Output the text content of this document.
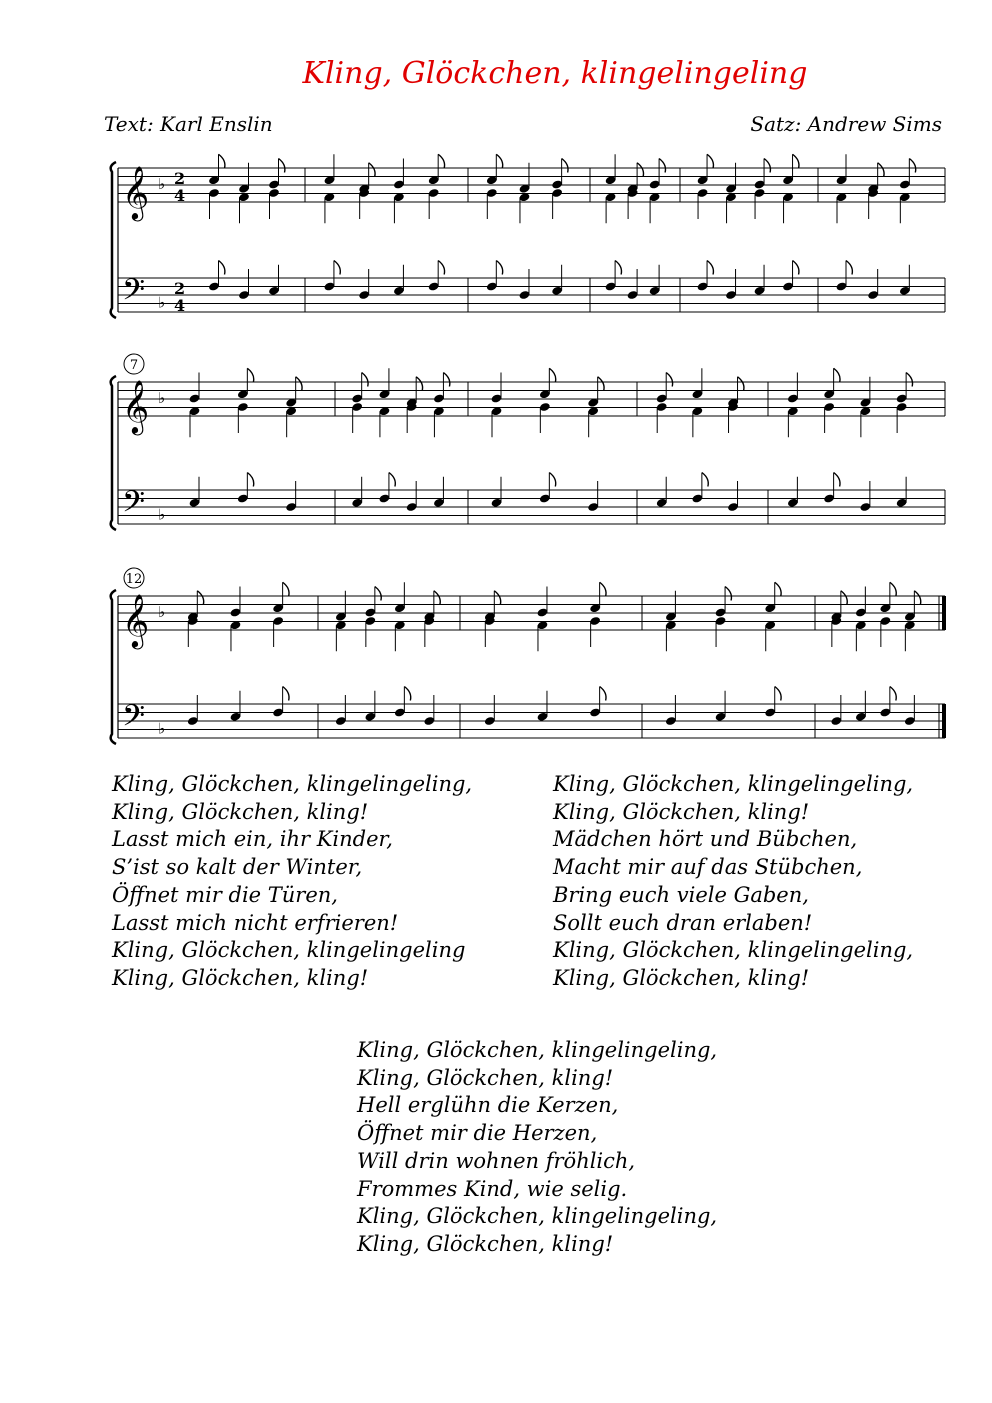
Kling, Glöckchen, klingelingeling
Text: Karl Enslin	Satz: Andrew Sims
𝄞 ♭ 2
4
𝄢 ♭
2
4
𝄞 ♭
𝄢 ♭
7
𝄞 ♭
𝄢 ♭
12
Kling, Glöckchen, klingelingeling,
Kling, Glöckchen, kling!
Lasst mich ein, ihr Kinder,
S’ist so kalt der Winter,
Öffnet mir die Türen,
Lasst mich nicht erfrieren!
Kling, Glöckchen, klingelingeling
Kling, Glöckchen, kling!
Kling, Glöckchen, klingelingeling,
Kling, Glöckchen, kling!
Mädchen hört und Bübchen,
Macht mir auf das Stübchen,
Bring euch viele Gaben,
Sollt euch dran erlaben!
Kling, Glöckchen, klingelingeling,
Kling, Glöckchen, kling!
Kling, Glöckchen, klingelingeling,
Kling, Glöckchen, kling!
Hell erglühn die Kerzen,
Öffnet mir die Herzen,
Will drin wohnen fröhlich,
Frommes Kind, wie selig.
Kling, Glöckchen, klingelingeling,
Kling, Glöckchen, kling!
